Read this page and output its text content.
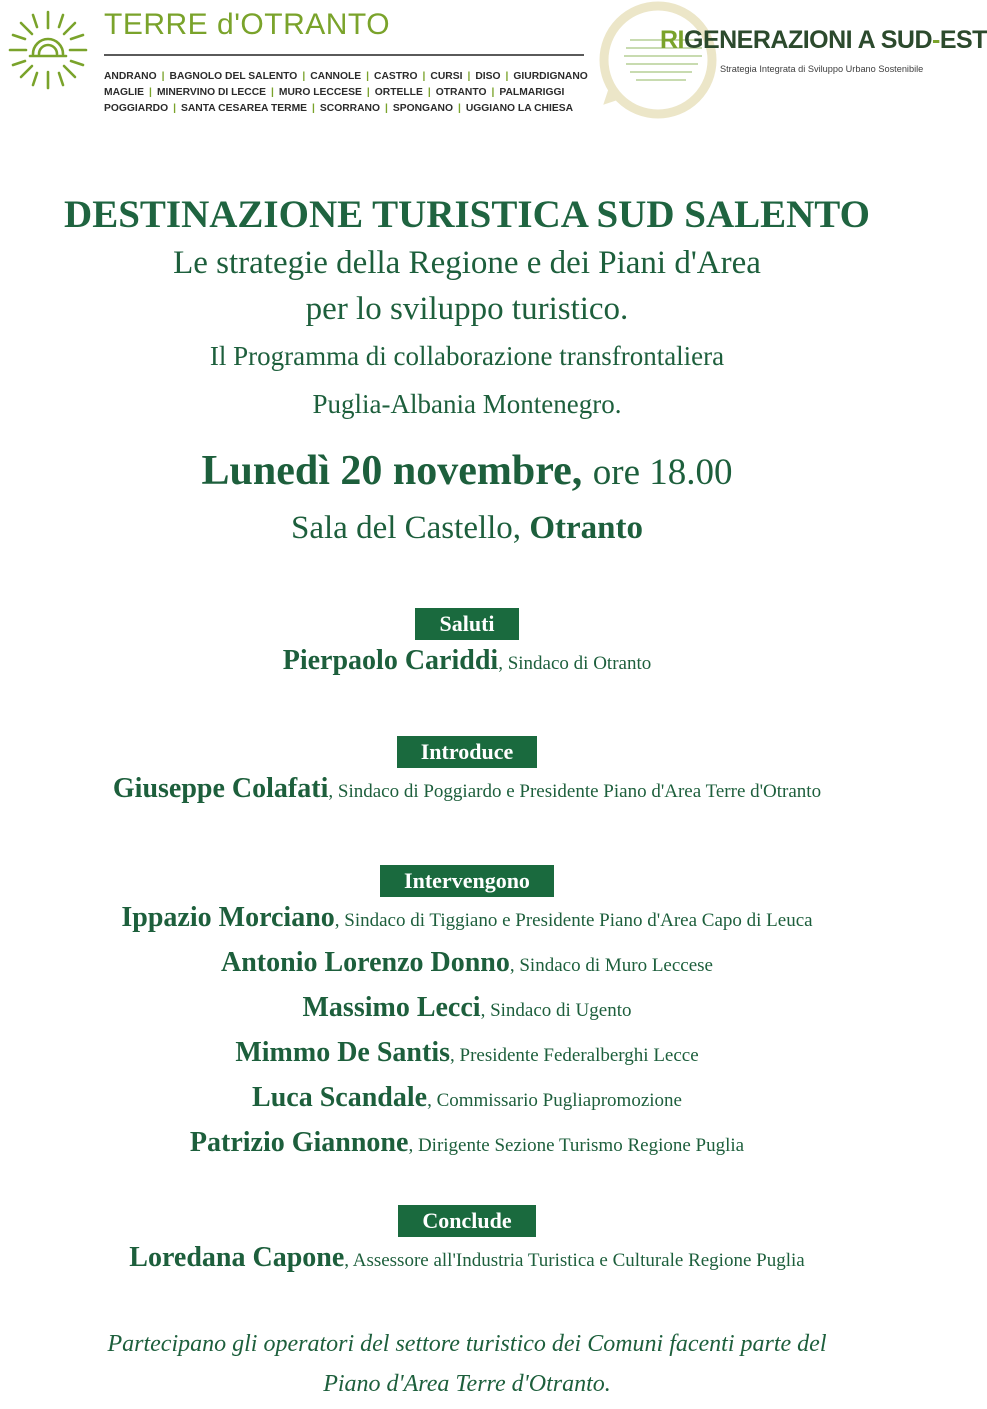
TERRE d'OTRANTO
ANDRANO | BAGNOLO DEL SALENTO | CANNOLE | CASTRO | CURSI | DISO | GIURDIGNANO
MAGLIE | MINERVINO DI LECCE | MURO LECCESE | ORTELLE | OTRANTO | PALMARIGGI
POGGIARDO | SANTA CESAREA TERME | SCORRANO | SPONGANO | UGGIANO LA CHIESA
RIGENERAZIONI A SUD-EST
Strategia Integrata di Sviluppo Urbano Sostenibile
DESTINAZIONE TURISTICA SUD SALENTO
Le strategie della Regione e dei Piani d'Area
per lo sviluppo turistico.
Il Programma di collaborazione transfrontaliera
Puglia-Albania Montenegro.
Lunedì 20 novembre, ore 18.00
Sala del Castello, Otranto
Saluti
Pierpaolo Cariddi, Sindaco di Otranto
Introduce
Giuseppe Colafati, Sindaco di Poggiardo e Presidente Piano d'Area Terre d'Otranto
Intervengono
Ippazio Morciano, Sindaco di Tiggiano e Presidente Piano d'Area Capo di Leuca
Antonio Lorenzo Donno, Sindaco di Muro Leccese
Massimo Lecci, Sindaco di Ugento
Mimmo De Santis, Presidente Federalberghi Lecce
Luca Scandale, Commissario Pugliapromozione
Patrizio Giannone, Dirigente Sezione Turismo Regione Puglia
Conclude
Loredana Capone, Assessore all'Industria Turistica e Culturale Regione Puglia
Partecipano gli operatori del settore turistico dei Comuni facenti parte del
Piano d'Area Terre d'Otranto.
